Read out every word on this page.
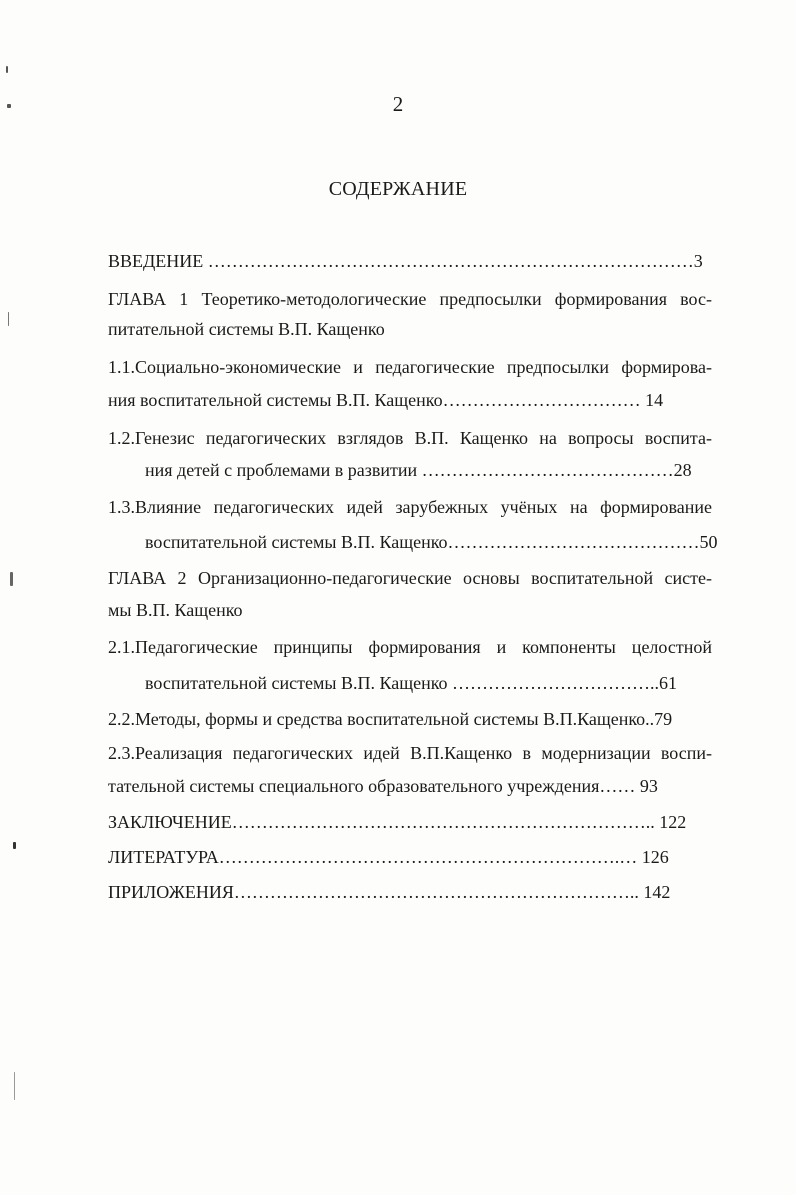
2
СОДЕРЖАНИЕ
ВВЕДЕНИЕ ………………………………………………………………………3
ГЛАВА 1 Теоретико-методологические предпосылки формирования вос-
питательной системы В.П. Кащенко
1.1.Социально-экономические и педагогические предпосылки формирова-
ния воспитательной системы В.П. Кащенко…………………………… 14
1.2.Генезис педагогических взглядов В.П. Кащенко на вопросы воспита-
ния детей с проблемами в развитии ……………………………………28
1.3.Влияние педагогических идей зарубежных учёных на формирование
воспитательной системы В.П. Кащенко……………………………………50
ГЛАВА 2 Организационно-педагогические основы воспитательной систе-
мы В.П. Кащенко
2.1.Педагогические принципы формирования и компоненты целостной
воспитательной системы В.П. Кащенко ……………………………..61
2.2.Методы, формы и средства воспитательной системы В.П.Кащенко..79
2.3.Реализация педагогических идей В.П.Кащенко в модернизации воспи-
тательной системы специального образовательного учреждения…… 93
ЗАКЛЮЧЕНИЕ…………………………………………………………….. 122
ЛИТЕРАТУРА………………………………………………………….… 126
ПРИЛОЖЕНИЯ………………………………………………………….. 142
